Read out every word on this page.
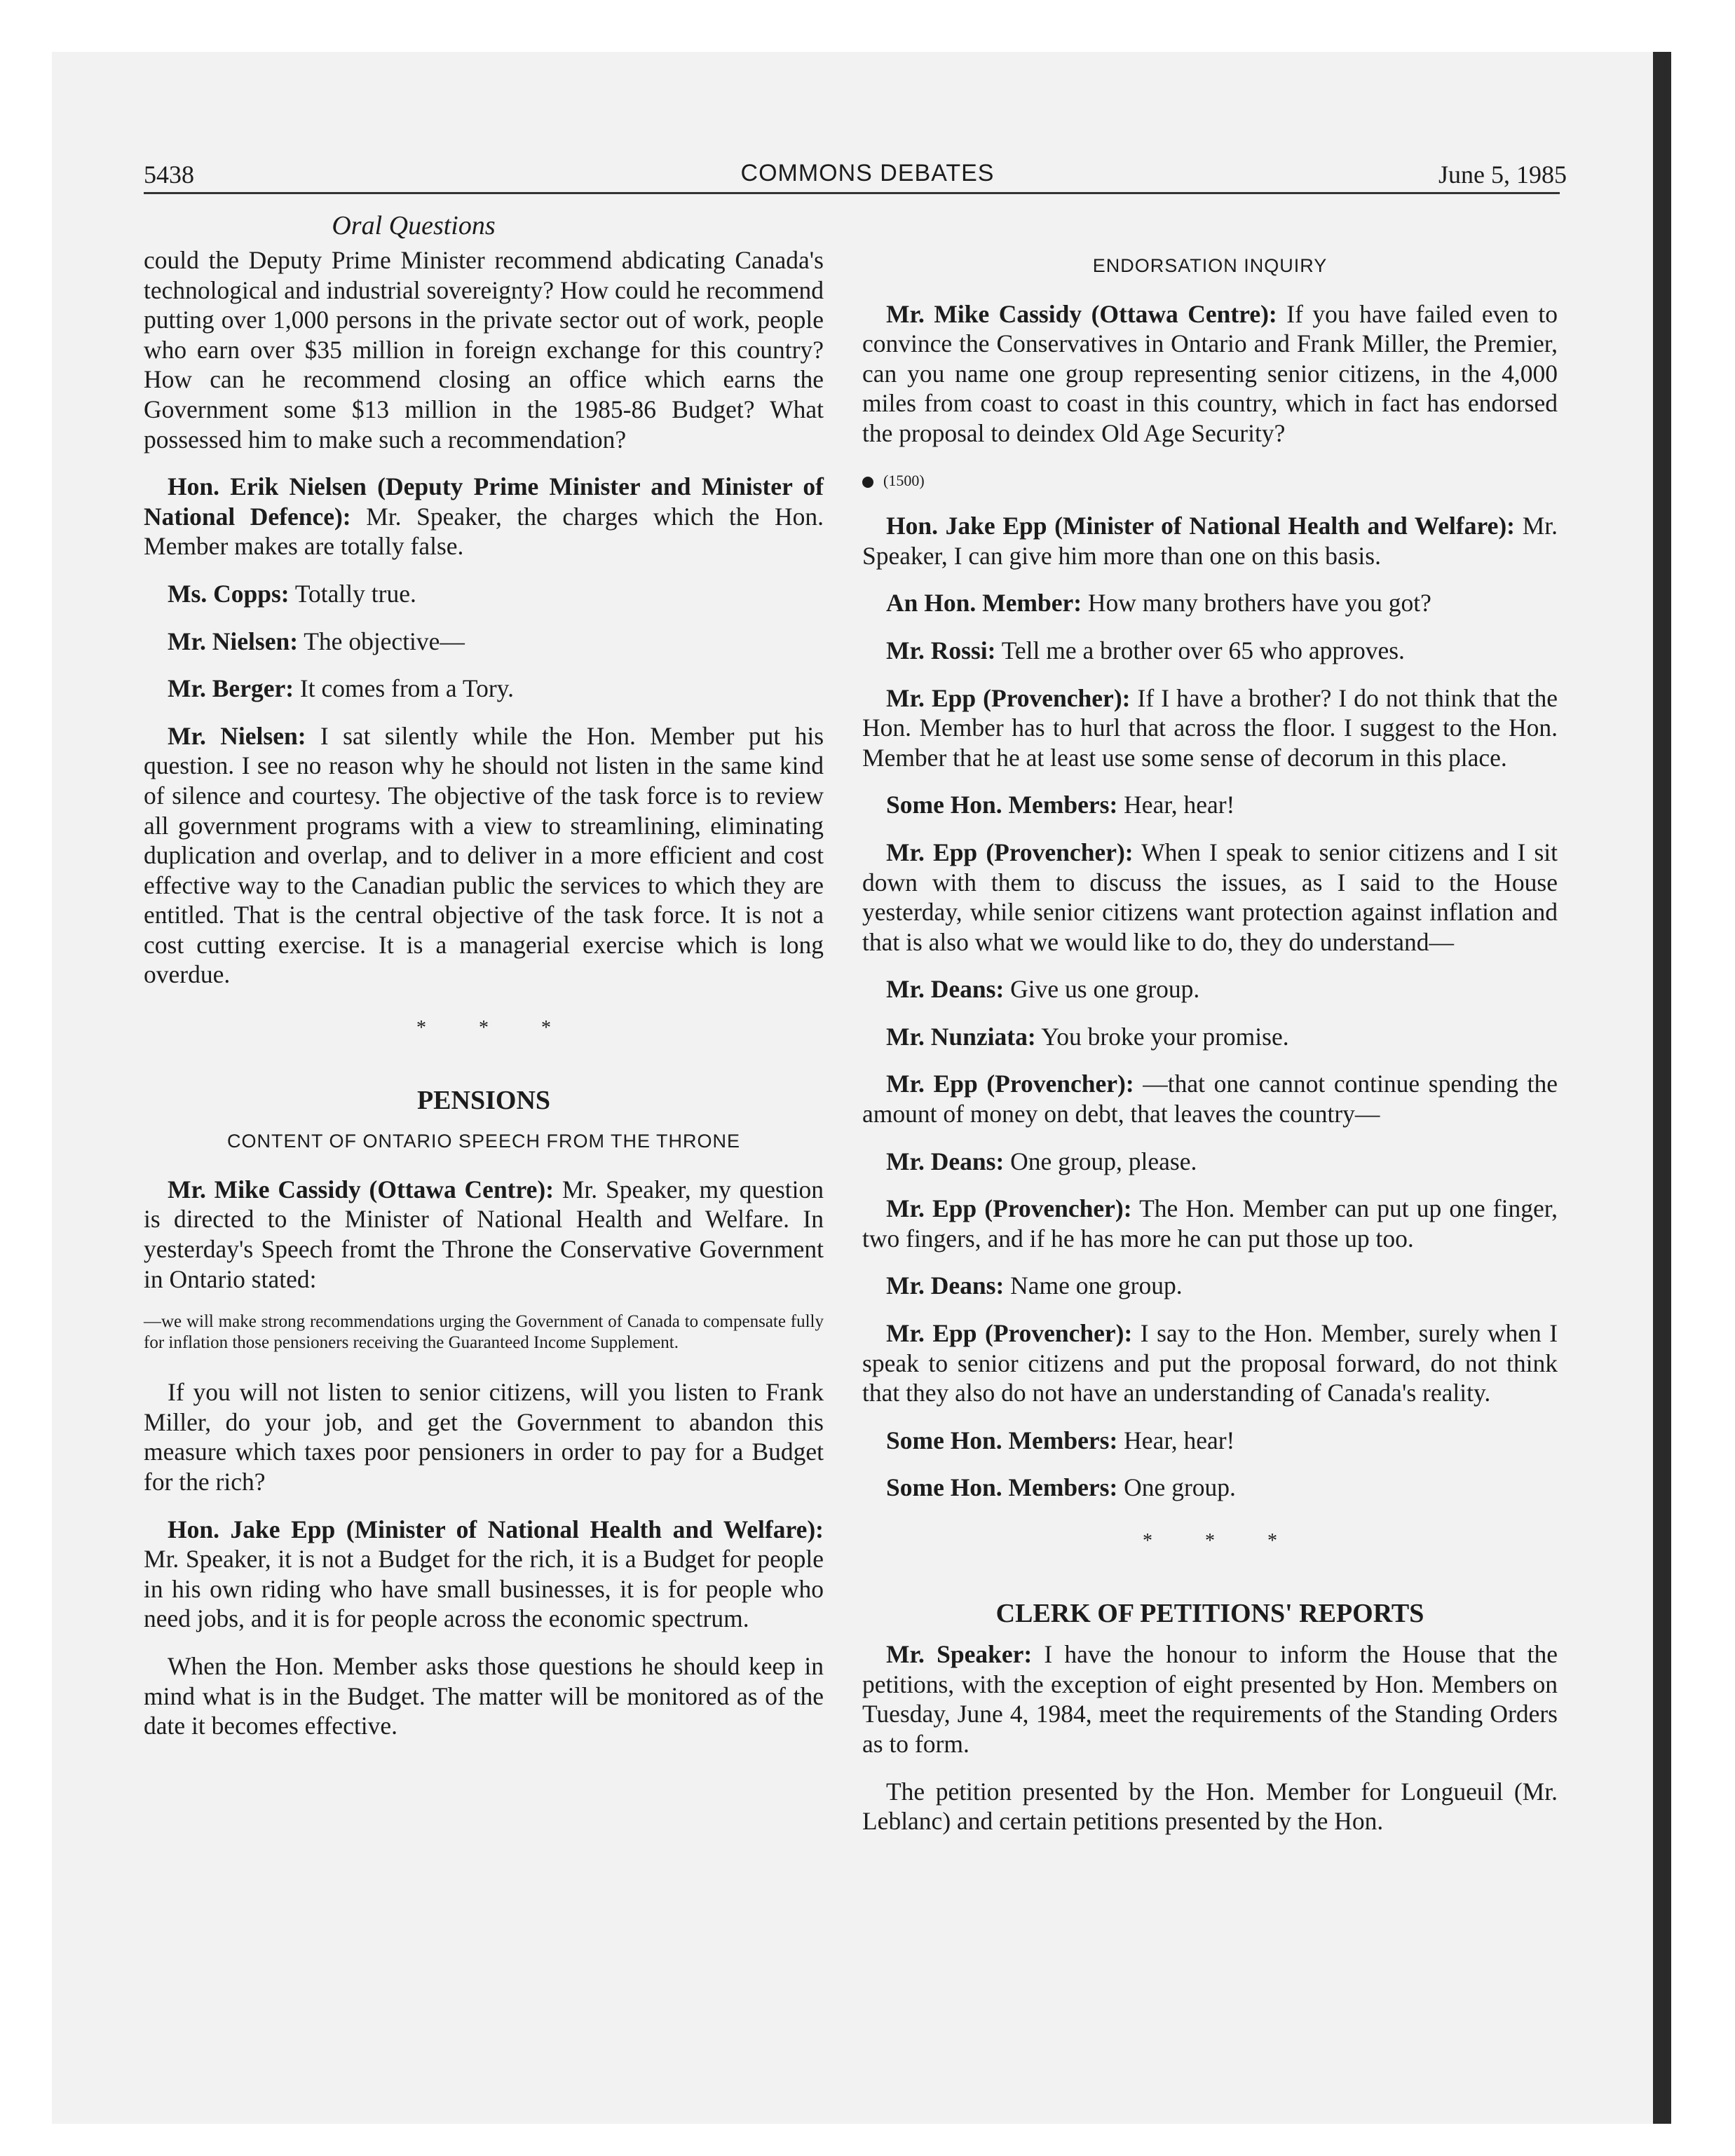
5438	COMMONS DEBATES	June 5, 1985
Oral Questions

could the Deputy Prime Minister recommend abdicating Canada's technological and industrial sovereignty? How could he recommend putting over 1,000 persons in the private sector out of work, people who earn over $35 million in foreign exchange for this country? How can he recommend closing an office which earns the Government some $13 million in the 1985-86 Budget? What possessed him to make such a recommendation?

Hon. Erik Nielsen (Deputy Prime Minister and Minister of National Defence): Mr. Speaker, the charges which the Hon. Member makes are totally false.

Ms. Copps: Totally true.

Mr. Nielsen: The objective—

Mr. Berger: It comes from a Tory.

Mr. Nielsen: I sat silently while the Hon. Member put his question. I see no reason why he should not listen in the same kind of silence and courtesy. The objective of the task force is to review all government programs with a view to streamlining, eliminating duplication and overlap, and to deliver in a more efficient and cost effective way to the Canadian public the services to which they are entitled. That is the central objective of the task force. It is not a cost cutting exercise. It is a managerial exercise which is long overdue.

* * *
PENSIONS
CONTENT OF ONTARIO SPEECH FROM THE THRONE

Mr. Mike Cassidy (Ottawa Centre): Mr. Speaker, my question is directed to the Minister of National Health and Welfare. In yesterday's Speech fromt the Throne the Conservative Government in Ontario stated:

—we will make strong recommendations urging the Government of Canada to compensate fully for inflation those pensioners receiving the Guaranteed Income Supplement.

If you will not listen to senior citizens, will you listen to Frank Miller, do your job, and get the Government to abandon this measure which taxes poor pensioners in order to pay for a Budget for the rich?

Hon. Jake Epp (Minister of National Health and Welfare): Mr. Speaker, it is not a Budget for the rich, it is a Budget for people in his own riding who have small businesses, it is for people who need jobs, and it is for people across the economic spectrum.

When the Hon. Member asks those questions he should keep in mind what is in the Budget. The matter will be monitored as of the date it becomes effective.

ENDORSATION INQUIRY

Mr. Mike Cassidy (Ottawa Centre): If you have failed even to convince the Conservatives in Ontario and Frank Miller, the Premier, can you name one group representing senior citizens, in the 4,000 miles from coast to coast in this country, which in fact has endorsed the proposal to deindex Old Age Security?

(1500)

Hon. Jake Epp (Minister of National Health and Welfare): Mr. Speaker, I can give him more than one on this basis.

An Hon. Member: How many brothers have you got?

Mr. Rossi: Tell me a brother over 65 who approves.

Mr. Epp (Provencher): If I have a brother? I do not think that the Hon. Member has to hurl that across the floor. I suggest to the Hon. Member that he at least use some sense of decorum in this place.

Some Hon. Members: Hear, hear!

Mr. Epp (Provencher): When I speak to senior citizens and I sit down with them to discuss the issues, as I said to the House yesterday, while senior citizens want protection against inflation and that is also what we would like to do, they do understand—

Mr. Deans: Give us one group.

Mr. Nunziata: You broke your promise.

Mr. Epp (Provencher): —that one cannot continue spending the amount of money on debt, that leaves the country—

Mr. Deans: One group, please.

Mr. Epp (Provencher): The Hon. Member can put up one finger, two fingers, and if he has more he can put those up too.

Mr. Deans: Name one group.

Mr. Epp (Provencher): I say to the Hon. Member, surely when I speak to senior citizens and put the proposal forward, do not think that they also do not have an understanding of Canada's reality.

Some Hon. Members: Hear, hear!

Some Hon. Members: One group.

* * *
CLERK OF PETITIONS' REPORTS

Mr. Speaker: I have the honour to inform the House that the petitions, with the exception of eight presented by Hon. Members on Tuesday, June 4, 1984, meet the requirements of the Standing Orders as to form.

The petition presented by the Hon. Member for Longueuil (Mr. Leblanc) and certain petitions presented by the Hon.
